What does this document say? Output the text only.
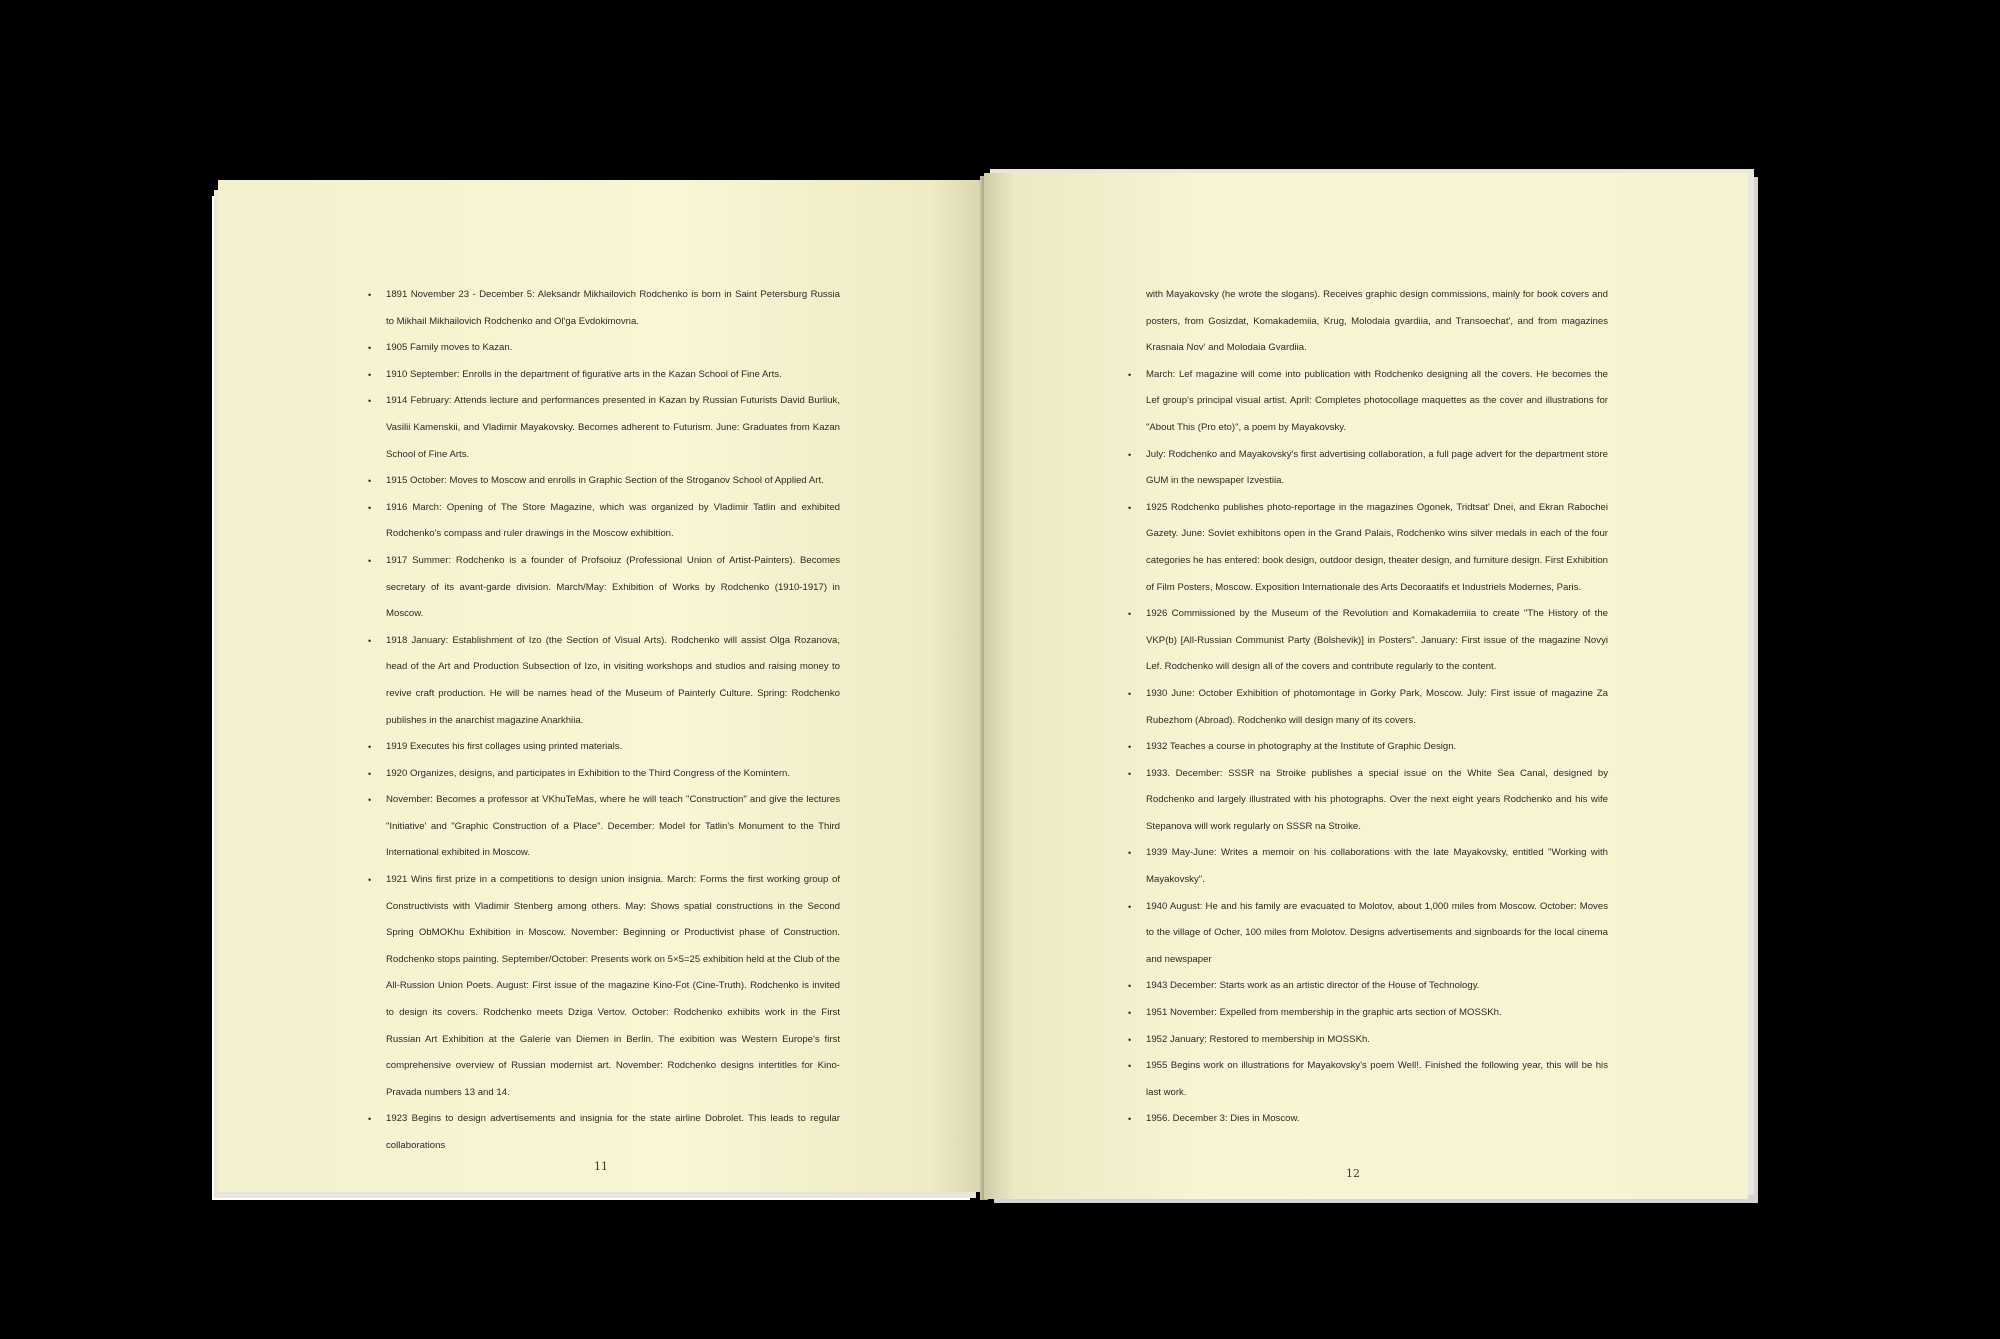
•	1891 November 23 - December 5: Aleksandr Mikhailovich Rodchenko is born in Saint Petersburg Russia to Mikhail Mikhailovich Rodchenko and Ol'ga Evdokimovna.
•	1905 Family moves to Kazan.
•	1910 September: Enrolls in the department of figurative arts in the Kazan School of Fine Arts.
•	1914 February: Attends lecture and performances presented in Kazan by Russian Futurists David Burliuk, Vasilii Kamenskii, and Vladimir Mayakovsky. Becomes adherent to Futurism. June: Graduates from Kazan School of Fine Arts.
•	1915 October: Moves to Moscow and enrolls in Graphic Section of the Stroganov School of Applied Art.
•	1916 March: Opening of The Store Magazine, which was organized by Vladimir Tatlin and exhibited Rodchenko's compass and ruler drawings in the Moscow exhibition.
•	1917 Summer: Rodchenko is a founder of Profsoiuz (Professional Union of Artist-Painters). Becomes secretary of its avant-garde division. March/May: Exhibition of Works by Rodchenko (1910-1917) in Moscow.
•	1918 January: Establishment of Izo (the Section of Visual Arts). Rodchenko will assist Olga Rozanova, head of the Art and Production Subsection of Izo, in visiting workshops and studios and raising money to revive craft production. He will be names head of the Museum of Painterly Culture. Spring: Rodchenko publishes in the anarchist magazine Anarkhiia.
•	1919 Executes his first collages using printed materials.
•	1920 Organizes, designs, and participates in Exhibition to the Third Congress of the Komintern.
•	November: Becomes a professor at VKhuTeMas, where he will teach "Construction" and give the lectures "Initiative' and "Graphic Construction of a Place". December: Model for Tatlin's Monument to the Third International exhibited in Moscow.
•	1921 Wins first prize in a competitions to design union insignia. March: Forms the first working group of Constructivists with Vladimir Stenberg among others. May: Shows spatial constructions in the Second Spring ObMOKhu Exhibition in Moscow. November: Beginning or Productivist phase of Construction. Rodchenko stops painting. September/October: Presents work on 5×5=25 exhibition held at the Club of the All-Russion Union Poets. August: First issue of the magazine Kino-Fot (Cine-Truth). Rodchenko is invited to design its covers. Rodchenko meets Dziga Vertov. October: Rodchenko exhibits work in the First Russian Art Exhibition at the Galerie van Diemen in Berlin. The exibition was Western Europe's first comprehensive overview of Russian modernist art. November: Rodchenko designs intertitles for Kino-Pravada numbers 13 and 14.
•	1923 Begins to design advertisements and insignia for the state airline Dobrolet. This leads to regular collaborations
11
with Mayakovsky (he wrote the slogans). Receives graphic design commissions, mainly for book covers and posters, from Gosizdat, Komakademiia, Krug, Molodaia gvardiia, and Transoechat', and from magazines Krasnaia Nov' and Molodaia Gvardiia.
•	March: Lef magazine will come into publication with Rodchenko designing all the covers. He becomes the Lef group's principal visual artist. April: Completes photocollage maquettes as the cover and illustrations for "About This (Pro eto)", a poem by Mayakovsky.
•	July: Rodchenko and Mayakovsky's first advertising collaboration, a full page advert for the department store GUM in the newspaper Izvestiia.
•	1925 Rodchenko publishes photo-reportage in the magazines Ogonek, Tridtsat' Dnei, and Ekran Rabochei Gazety. June: Soviet exhibitons open in the Grand Palais, Rodchenko wins silver medals in each of the four categories he has entered: book design, outdoor design, theater design, and furniture design. First Exhibition of Film Posters, Moscow. Exposition Internationale des Arts Decoraatifs et Industriels Modernes, Paris.
•	1926 Commissioned by the Museum of the Revolution and Komakademiia to create "The History of the VKP(b) [All-Russian Communist Party (Bolshevik)] in Posters". January: First issue of the magazine Novyi Lef. Rodchenko will design all of the covers and contribute regularly to the content.
•	1930 June: October Exhibition of photomontage in Gorky Park, Moscow. July: First issue of magazine Za Rubezhom (Abroad). Rodchenko will design many of its covers.
•	1932 Teaches a course in photography at the Institute of Graphic Design.
•	1933. December: SSSR na Stroike publishes a special issue on the White Sea Canal, designed by Rodchenko and largely illustrated with his photographs. Over the next eight years Rodchenko and his wife Stepanova will work regularly on SSSR na Stroike.
•	1939 May-June: Writes a memoir on his collaborations with the late Mayakovsky, entitled "Working with Mayakovsky".
•	1940 August: He and his family are evacuated to Molotov, about 1,000 miles from Moscow. October: Moves to the village of Ocher, 100 miles from Molotov. Designs advertisements and signboards for the local cinema and newspaper
•	1943 December: Starts work as an artistic director of the House of Technology.
•	1951 November: Expelled from membership in the graphic arts section of MOSSKh.
•	1952 January: Restored to membership in MOSSKh.
•	1955 Begins work on illustrations for Mayakovsky's poem Well!. Finished the following year, this will be his last work.
•	1956. December 3: Dies in Moscow.
12
